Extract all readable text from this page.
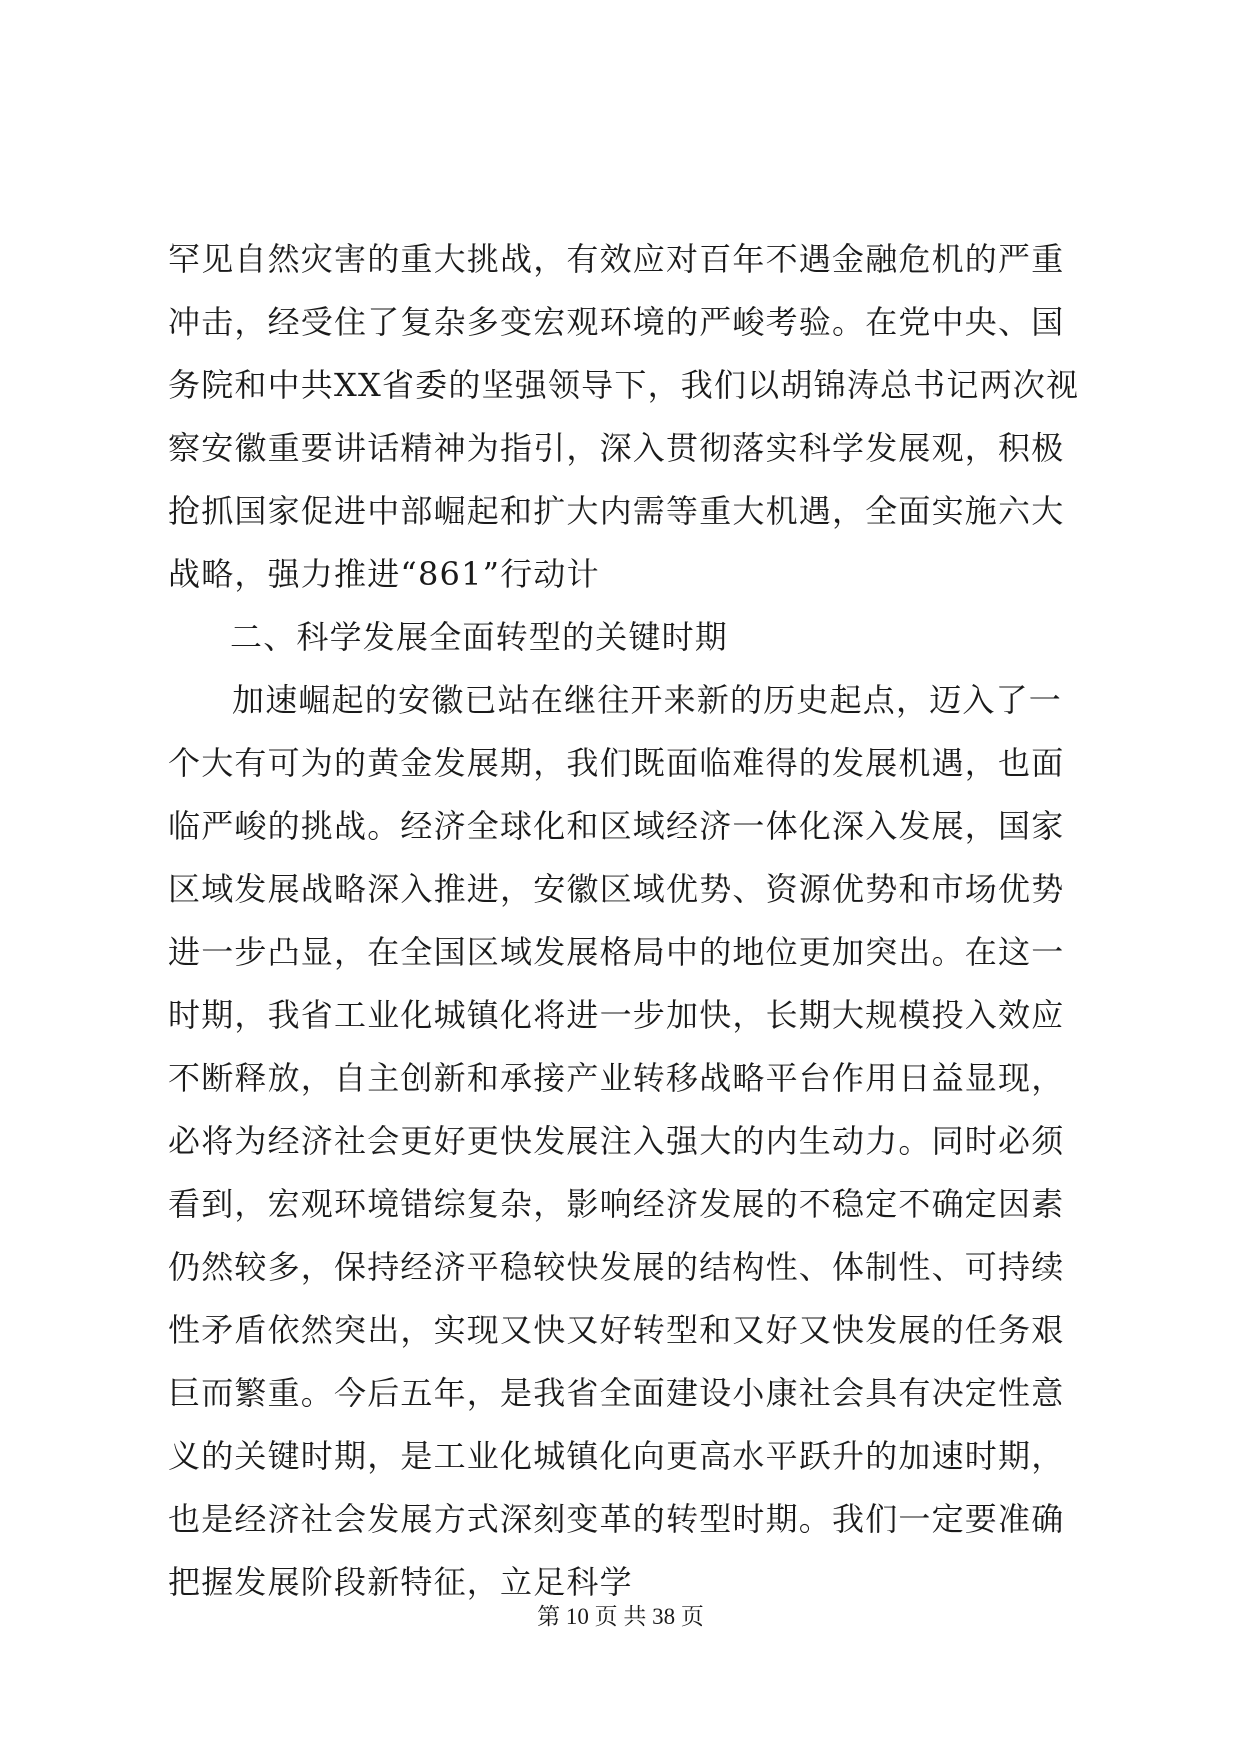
罕见自然灾害的重大挑战，有效应对百年不遇金融危机的严重冲击，经受住了复杂多变宏观环境的严峻考验。在党中央、国务院和中共XX省委的坚强领导下，我们以胡锦涛总书记两次视察安徽重要讲话精神为指引，深入贯彻落实科学发展观，积极抢抓国家促进中部崛起和扩大内需等重大机遇，全面实施六大战略，强力推进“861”行动计

二、科学发展全面转型的关键时期

加速崛起的安徽已站在继往开来新的历史起点，迈入了一个大有可为的黄金发展期，我们既面临难得的发展机遇，也面临严峻的挑战。经济全球化和区域经济一体化深入发展，国家区域发展战略深入推进，安徽区域优势、资源优势和市场优势进一步凸显，在全国区域发展格局中的地位更加突出。在这一时期，我省工业化城镇化将进一步加快，长期大规模投入效应不断释放，自主创新和承接产业转移战略平台作用日益显现，必将为经济社会更好更快发展注入强大的内生动力。同时必须看到，宏观环境错综复杂，影响经济发展的不稳定不确定因素仍然较多，保持经济平稳较快发展的结构性、体制性、可持续性矛盾依然突出，实现又快又好转型和又好又快发展的任务艰巨而繁重。今后五年，是我省全面建设小康社会具有决定性意义的关键时期，是工业化城镇化向更高水平跃升的加速时期，也是经济社会发展方式深刻变革的转型时期。我们一定要准确把握发展阶段新特征，立足科学

第 10 页 共 38 页
